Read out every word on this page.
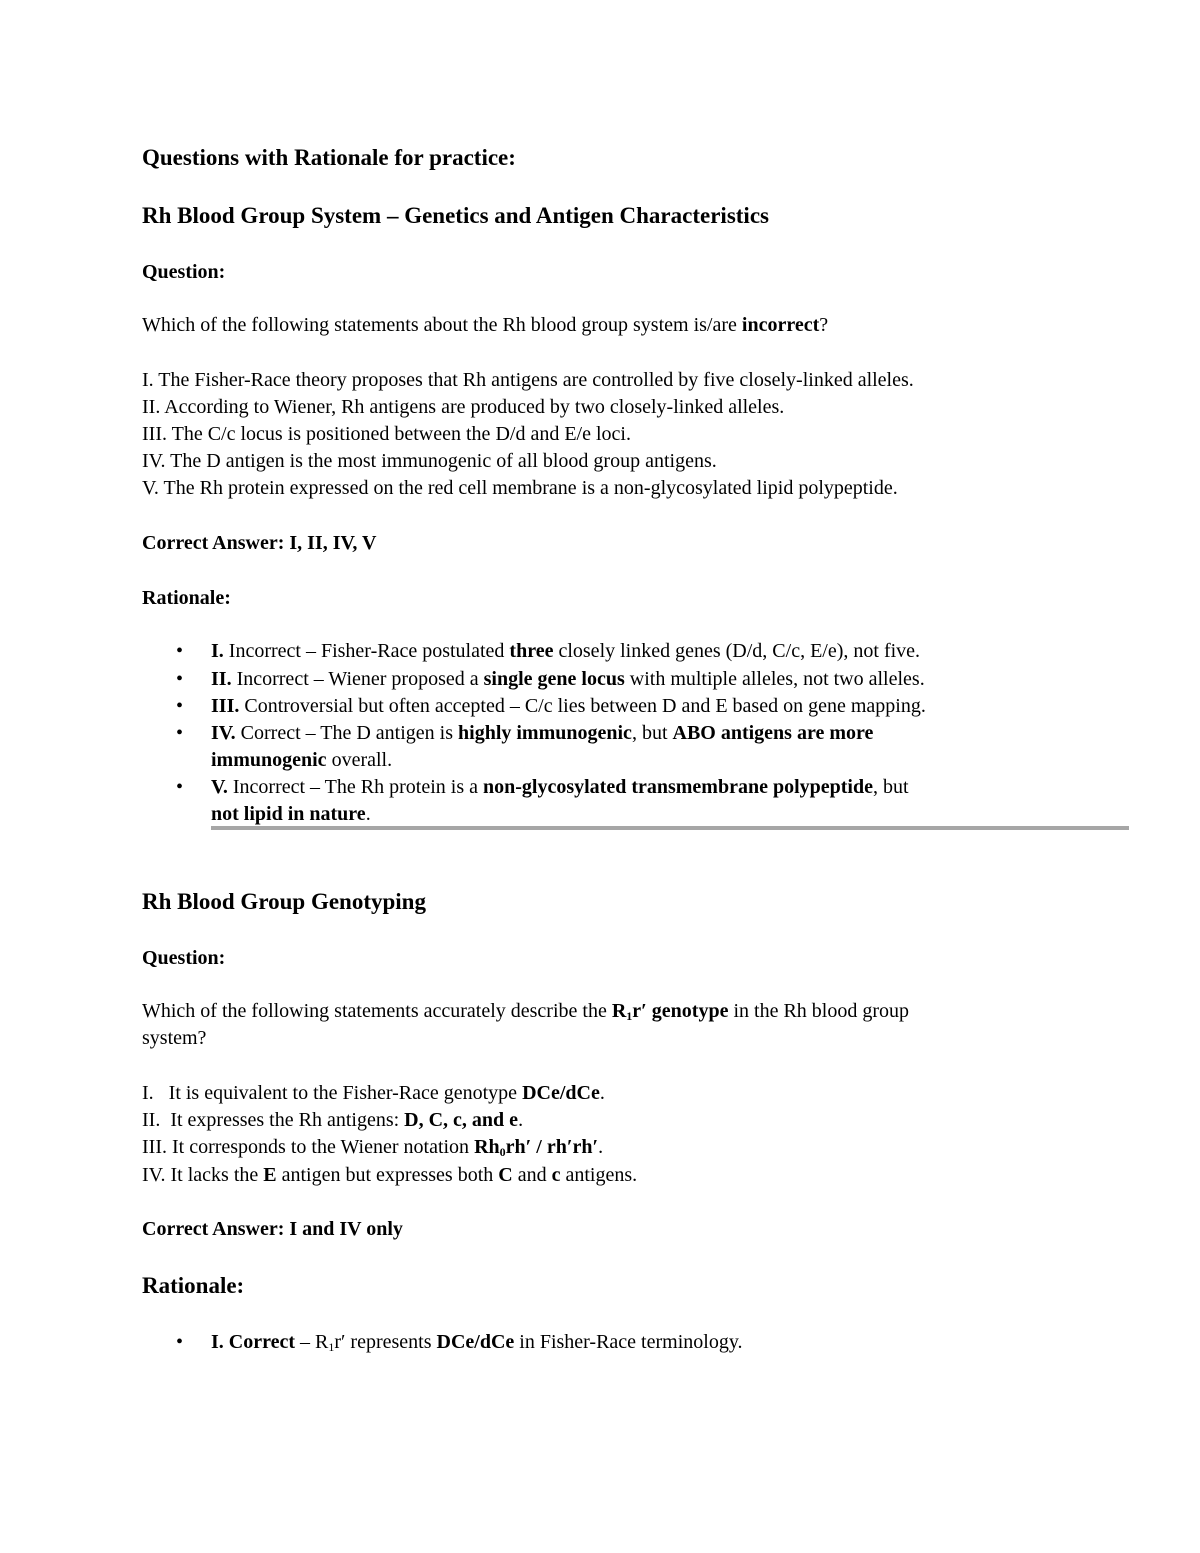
Questions with Rationale for practice:
Rh Blood Group System – Genetics and Antigen Characteristics
Question:
Which of the following statements about the Rh blood group system is/are incorrect?
I. The Fisher-Race theory proposes that Rh antigens are controlled by five closely-linked alleles.
II. According to Wiener, Rh antigens are produced by two closely-linked alleles.
III. The C/c locus is positioned between the D/d and E/e loci.
IV. The D antigen is the most immunogenic of all blood group antigens.
V. The Rh protein expressed on the red cell membrane is a non-glycosylated lipid polypeptide.
Correct Answer: I, II, IV, V
Rationale:
• I. Incorrect – Fisher-Race postulated three closely linked genes (D/d, C/c, E/e), not five.
• II. Incorrect – Wiener proposed a single gene locus with multiple alleles, not two alleles.
• III. Controversial but often accepted – C/c lies between D and E based on gene mapping.
• IV. Correct – The D antigen is highly immunogenic, but ABO antigens are more
immunogenic overall.
• V. Incorrect – The Rh protein is a non-glycosylated transmembrane polypeptide, but
not lipid in nature.
Rh Blood Group Genotyping
Question:
Which of the following statements accurately describe the $R_1r'$ genotype in the Rh blood group
system?
I.   It is equivalent to the Fisher-Race genotype DCe/dCe.
II.  It expresses the Rh antigens: D, C, c, and e.
III. It corresponds to the Wiener notation $Rh_0rh' / rh'rh'$.
IV. It lacks the E antigen but expresses both C and c antigens.
Correct Answer: I and IV only
Rationale:
• I. Correct – $R_1r'$ represents DCe/dCe in Fisher-Race terminology.
